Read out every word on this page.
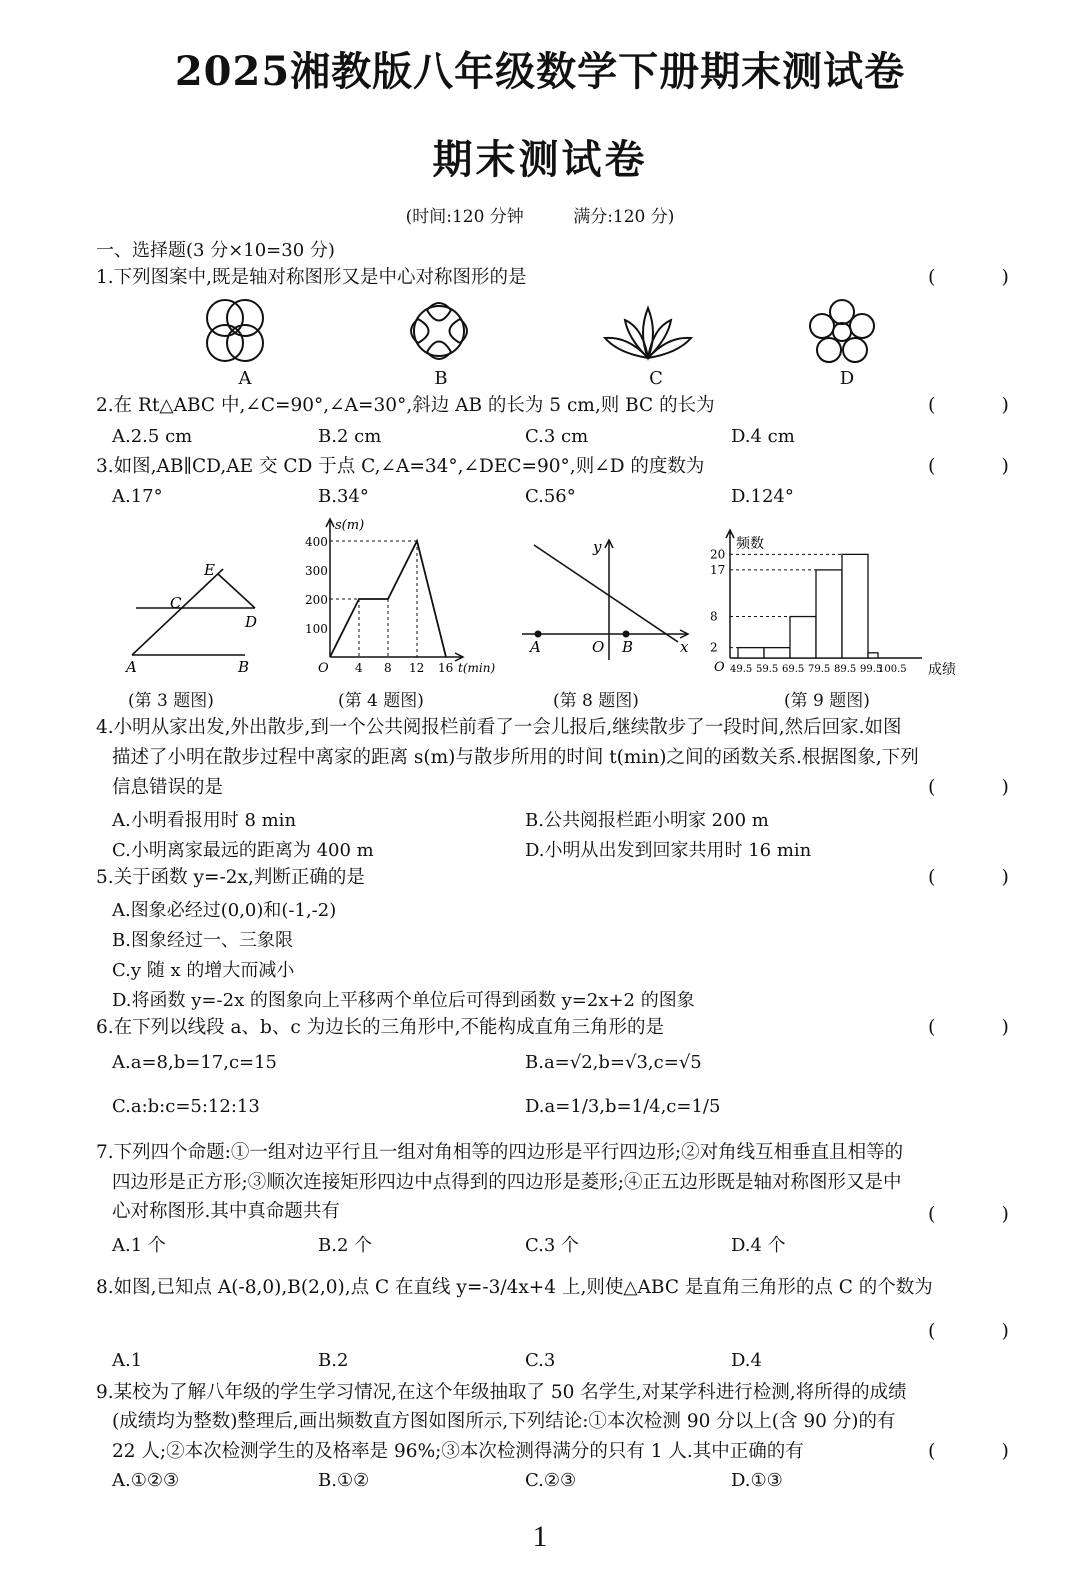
2025湘教版八年级数学下册期末测试卷
期末测试卷
(时间:120 分钟	满分:120 分)
一、选择题(3 分×10=30 分)
1.下列图案中,既是轴对称图形又是中心对称图形的是	( )
A	B	C	D
2.在 Rt△ABC 中,∠C=90°,∠A=30°,斜边 AB 的长为 5 cm,则 BC 的长为	( )
A.2.5 cm	B.2 cm	C.3 cm	D.4 cm
3.如图,AB∥CD,AE 交 CD 于点 C,∠A=34°,∠DEC=90°,则∠D 的度数为	( )
A.17°	B.34°	C.56°	D.124°
E
C
D
A	B
(第 3 题图)
s(m)
400
300
200
100
O 4 8 12 16 t(min)
(第 4 题图)
y
x
A	O B
(第 8 题图)
频数
O	成绩
20
17
8
2
49.5 59.5 69.5 79.5 89.5 99.5
100.5
(第 9 题图)
4.小明从家出发,外出散步,到一个公共阅报栏前看了一会儿报后,继续散步了一段时间,然后回家.如图
描述了小明在散步过程中离家的距离 s(m)与散步所用的时间 t(min)之间的函数关系.根据图象,下列
信息错误的是	( )
A.小明看报用时 8 min	B.公共阅报栏距小明家 200 m
C.小明离家最远的距离为 400 m	D.小明从出发到回家共用时 16 min
5.关于函数 y=-2x,判断正确的是	( )
A.图象必经过(0,0)和(-1,-2)
B.图象经过一、三象限
C.y 随 x 的增大而减小
D.将函数 y=-2x 的图象向上平移两个单位后可得到函数 y=2x+2 的图象
6.在下列以线段 a、b、c 为边长的三角形中,不能构成直角三角形的是	( )
A.a=8,b=17,c=15	B.a=√2,b=√3,c=√5
C.a:b:c=5:12:13	D.a=1/3,b=1/4,c=1/5
7.下列四个命题:①一组对边平行且一组对角相等的四边形是平行四边形;②对角线互相垂直且相等的
四边形是正方形;③顺次连接矩形四边中点得到的四边形是菱形;④正五边形既是轴对称图形又是中
心对称图形.其中真命题共有	( )
A.1 个	B.2 个	C.3 个	D.4 个
8.如图,已知点 A(-8,0),B(2,0),点 C 在直线 y=-3/4x+4 上,则使△ABC 是直角三角形的点 C 的个数为
( )
A.1	B.2	C.3	D.4
9.某校为了解八年级的学生学习情况,在这个年级抽取了 50 名学生,对某学科进行检测,将所得的成绩
(成绩均为整数)整理后,画出频数直方图如图所示,下列结论:①本次检测 90 分以上(含 90 分)的有
22 人;②本次检测学生的及格率是 96%;③本次检测得满分的只有 1 人.其中正确的有	( )
A.①②③	B.①②	C.②③	D.①③
1
